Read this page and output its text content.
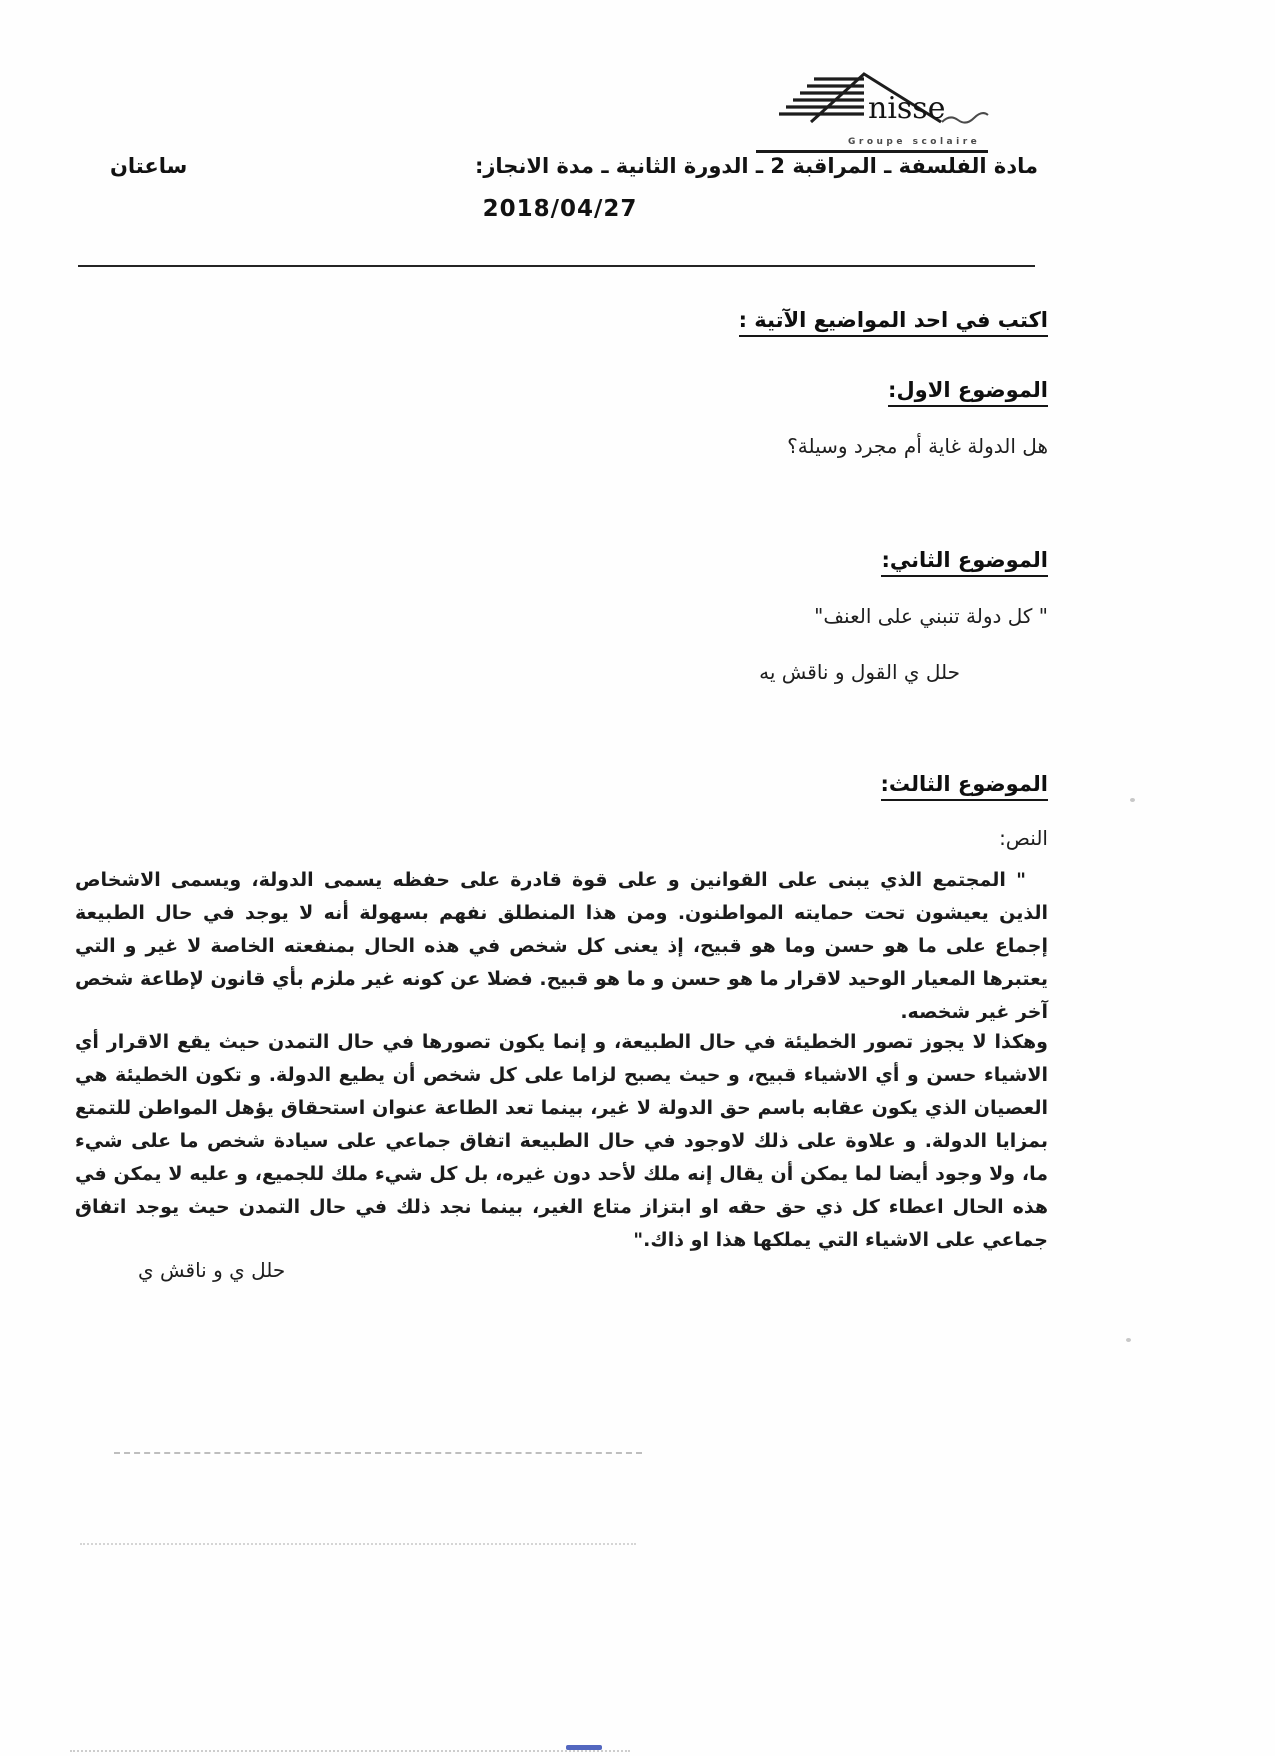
nisse
Groupe scolaire
مادة الفلسفة ـ المراقبة 2 ـ الدورة الثانية ـ مدة الانجاز:
ساعتان
2018/04/27
اكتب في احد المواضيع الآتية :
الموضوع الاول:
هل الدولة غاية أم مجرد وسيلة؟
الموضوع الثاني:
" كل دولة تنبني على العنف"
حلل ي القول و ناقش يه
الموضوع الثالث:
النص:
" المجتمع الذي يبنى على القوانين و على قوة قادرة على حفظه يسمى الدولة، ويسمى الاشخاص الذين يعيشون تحت حمايته المواطنون. ومن هذا المنطلق نفهم بسهولة أنه لا يوجد في حال الطبيعة إجماع على ما هو حسن وما هو قبيح، إذ يعنى كل شخص في هذه الحال بمنفعته الخاصة لا غير و التي يعتبرها المعيار الوحيد لاقرار ما هو حسن و ما هو قبيح. فضلا عن كونه غير ملزم بأي قانون لإطاعة شخص آخر غير شخصه.
وهكذا لا يجوز تصور الخطيئة في حال الطبيعة، و إنما يكون تصورها في حال التمدن حيث يقع الاقرار أي الاشياء حسن و أي الاشياء قبيح، و حيث يصبح لزاما على كل شخص أن يطيع الدولة. و تكون الخطيئة هي العصيان الذي يكون عقابه باسم حق الدولة لا غير، بينما تعد الطاعة عنوان استحقاق يؤهل المواطن للتمتع بمزايا الدولة. و علاوة على ذلك لاوجود في حال الطبيعة اتفاق جماعي على سيادة شخص ما على شيء ما، ولا وجود أيضا لما يمكن أن يقال إنه ملك لأحد دون غيره، بل كل شيء ملك للجميع، و عليه لا يمكن في هذه الحال اعطاء كل ذي حق حقه او ابتزاز متاع الغير، بينما نجد ذلك في حال التمدن حيث يوجد اتفاق جماعي على الاشياء التي يملكها هذا او ذاك."
حلل ي و ناقش ي
